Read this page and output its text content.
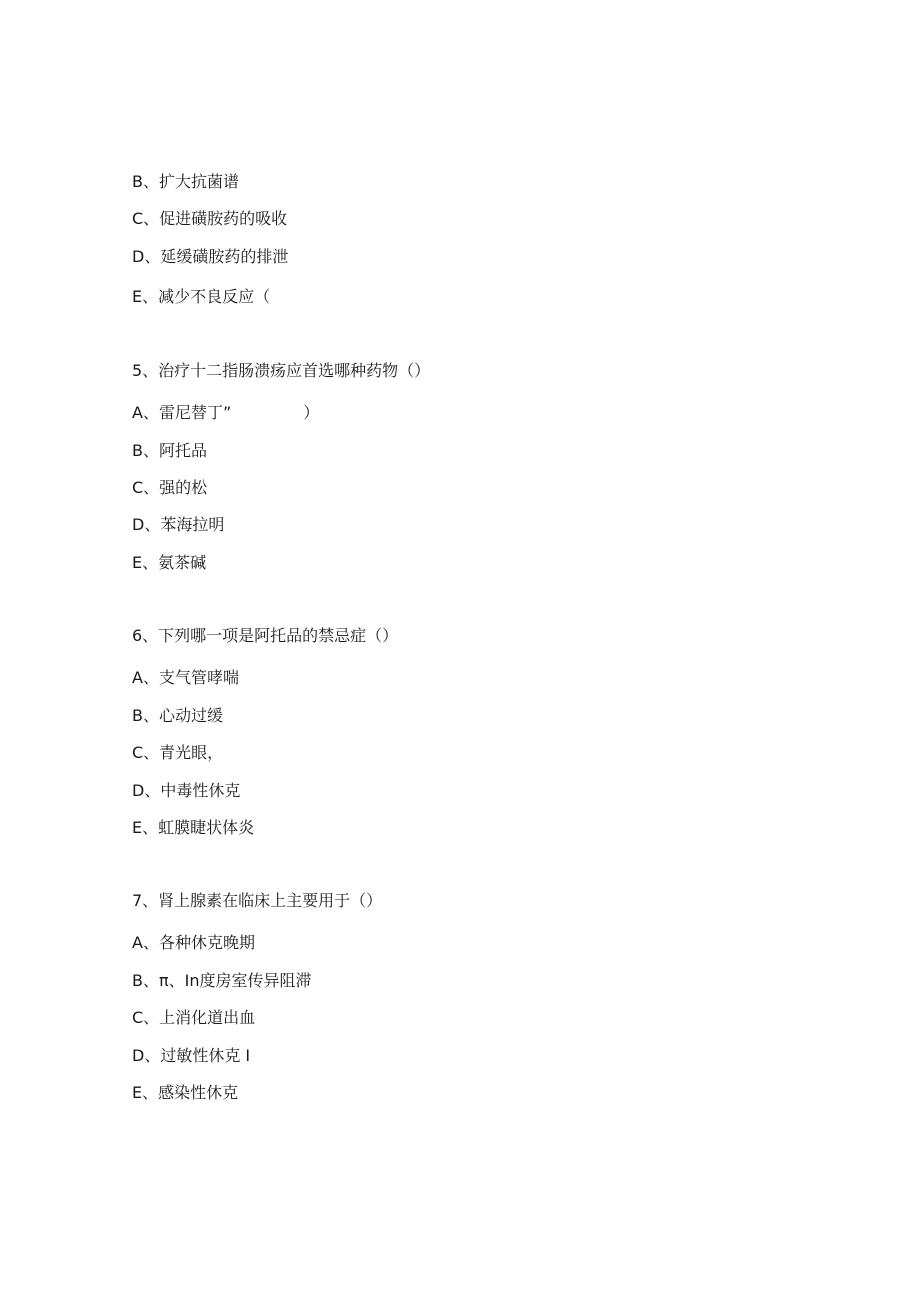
B、扩大抗菌谱
C、促进磺胺药的吸收
D、延缓磺胺药的排泄
E、减少不良反应（
5、治疗十二指肠溃疡应首选哪种药物（）
A、雷尼替丁”	）
B、阿托品
C、强的松
D、苯海拉明
E、氨茶碱
6、下列哪一项是阿托品的禁忌症（）
A、支气管哮喘
B、心动过缓
C、青光眼，
D、中毒性休克
E、虹膜睫状体炎
7、肾上腺素在临床上主要用于（）
A、各种休克晚期
B、π、In度房室传异阻滞
C、上消化道出血
D、过敏性休克 I
E、感染性休克
